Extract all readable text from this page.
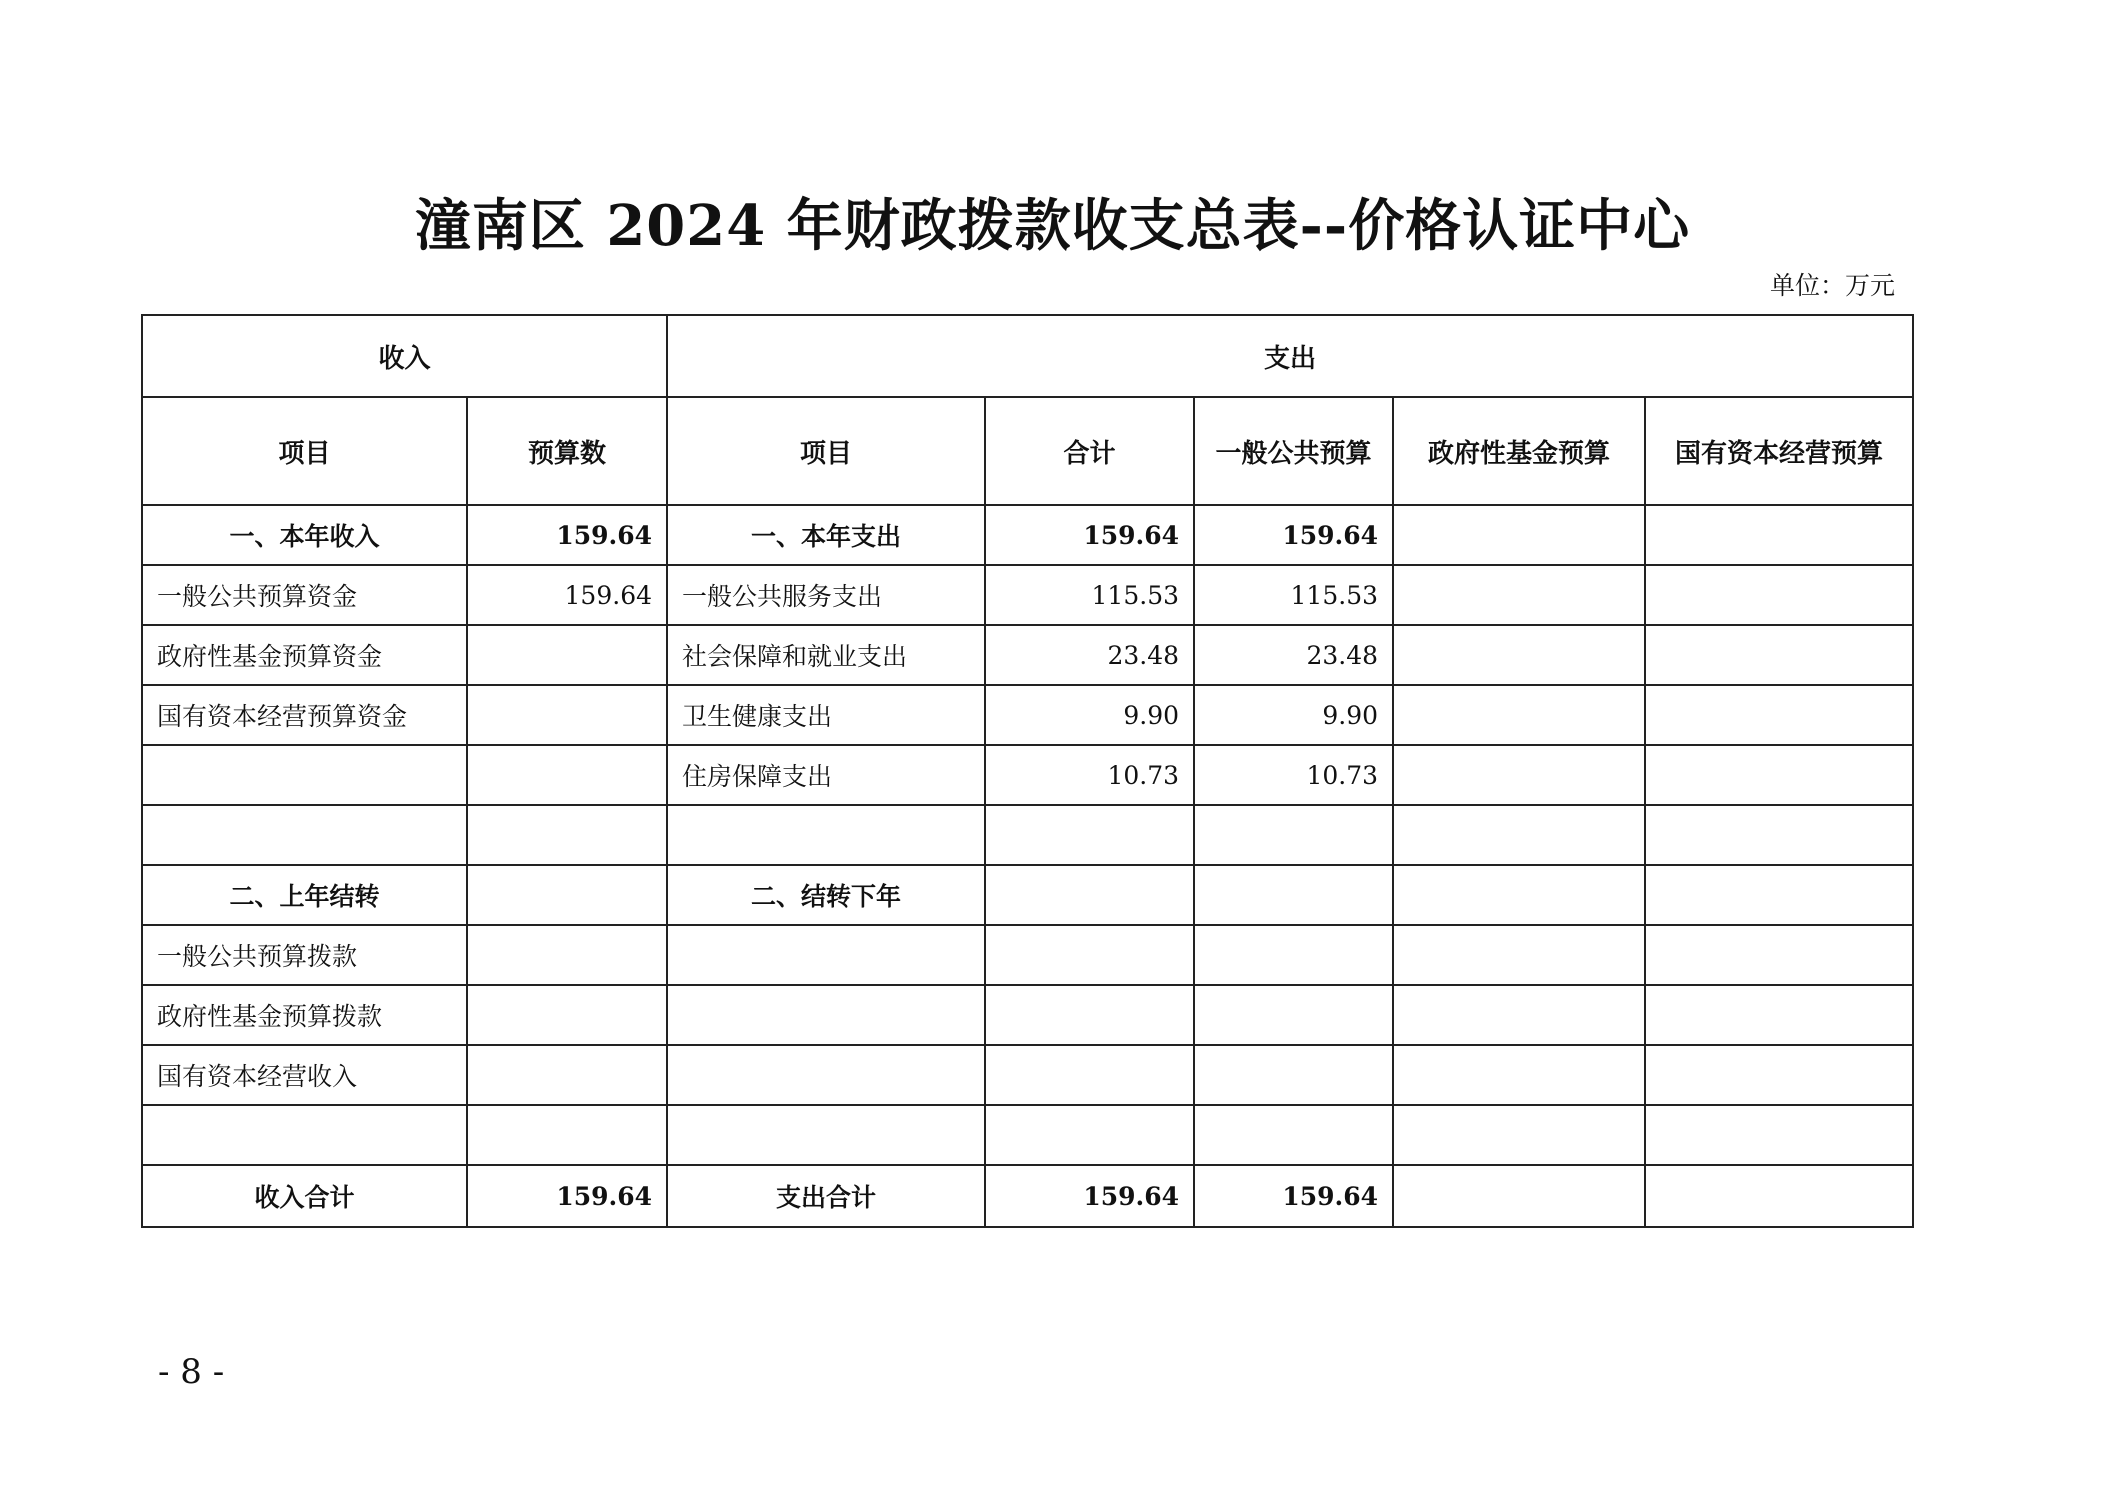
潼南区 2024 年财政拨款收支总表--价格认证中心
单位：万元
收入		支出				
项目	预算数	项目	合计	一般公共预算	政府性基金预算	国有资本经营预算
一、本年收入	159.64	一、本年支出	159.64	159.64		
一般公共预算资金	159.64	一般公共服务支出	115.53	115.53		
政府性基金预算资金		社会保障和就业支出	23.48	23.48		
国有资本经营预算资金		卫生健康支出	9.90	9.90		
		住房保障支出	10.73	10.73		

二、上年结转		二、结转下年				
一般公共预算拨款						
政府性基金预算拨款						
国有资本经营收入						

收入合计	159.64	支出合计	159.64	159.64		
- 8 -
